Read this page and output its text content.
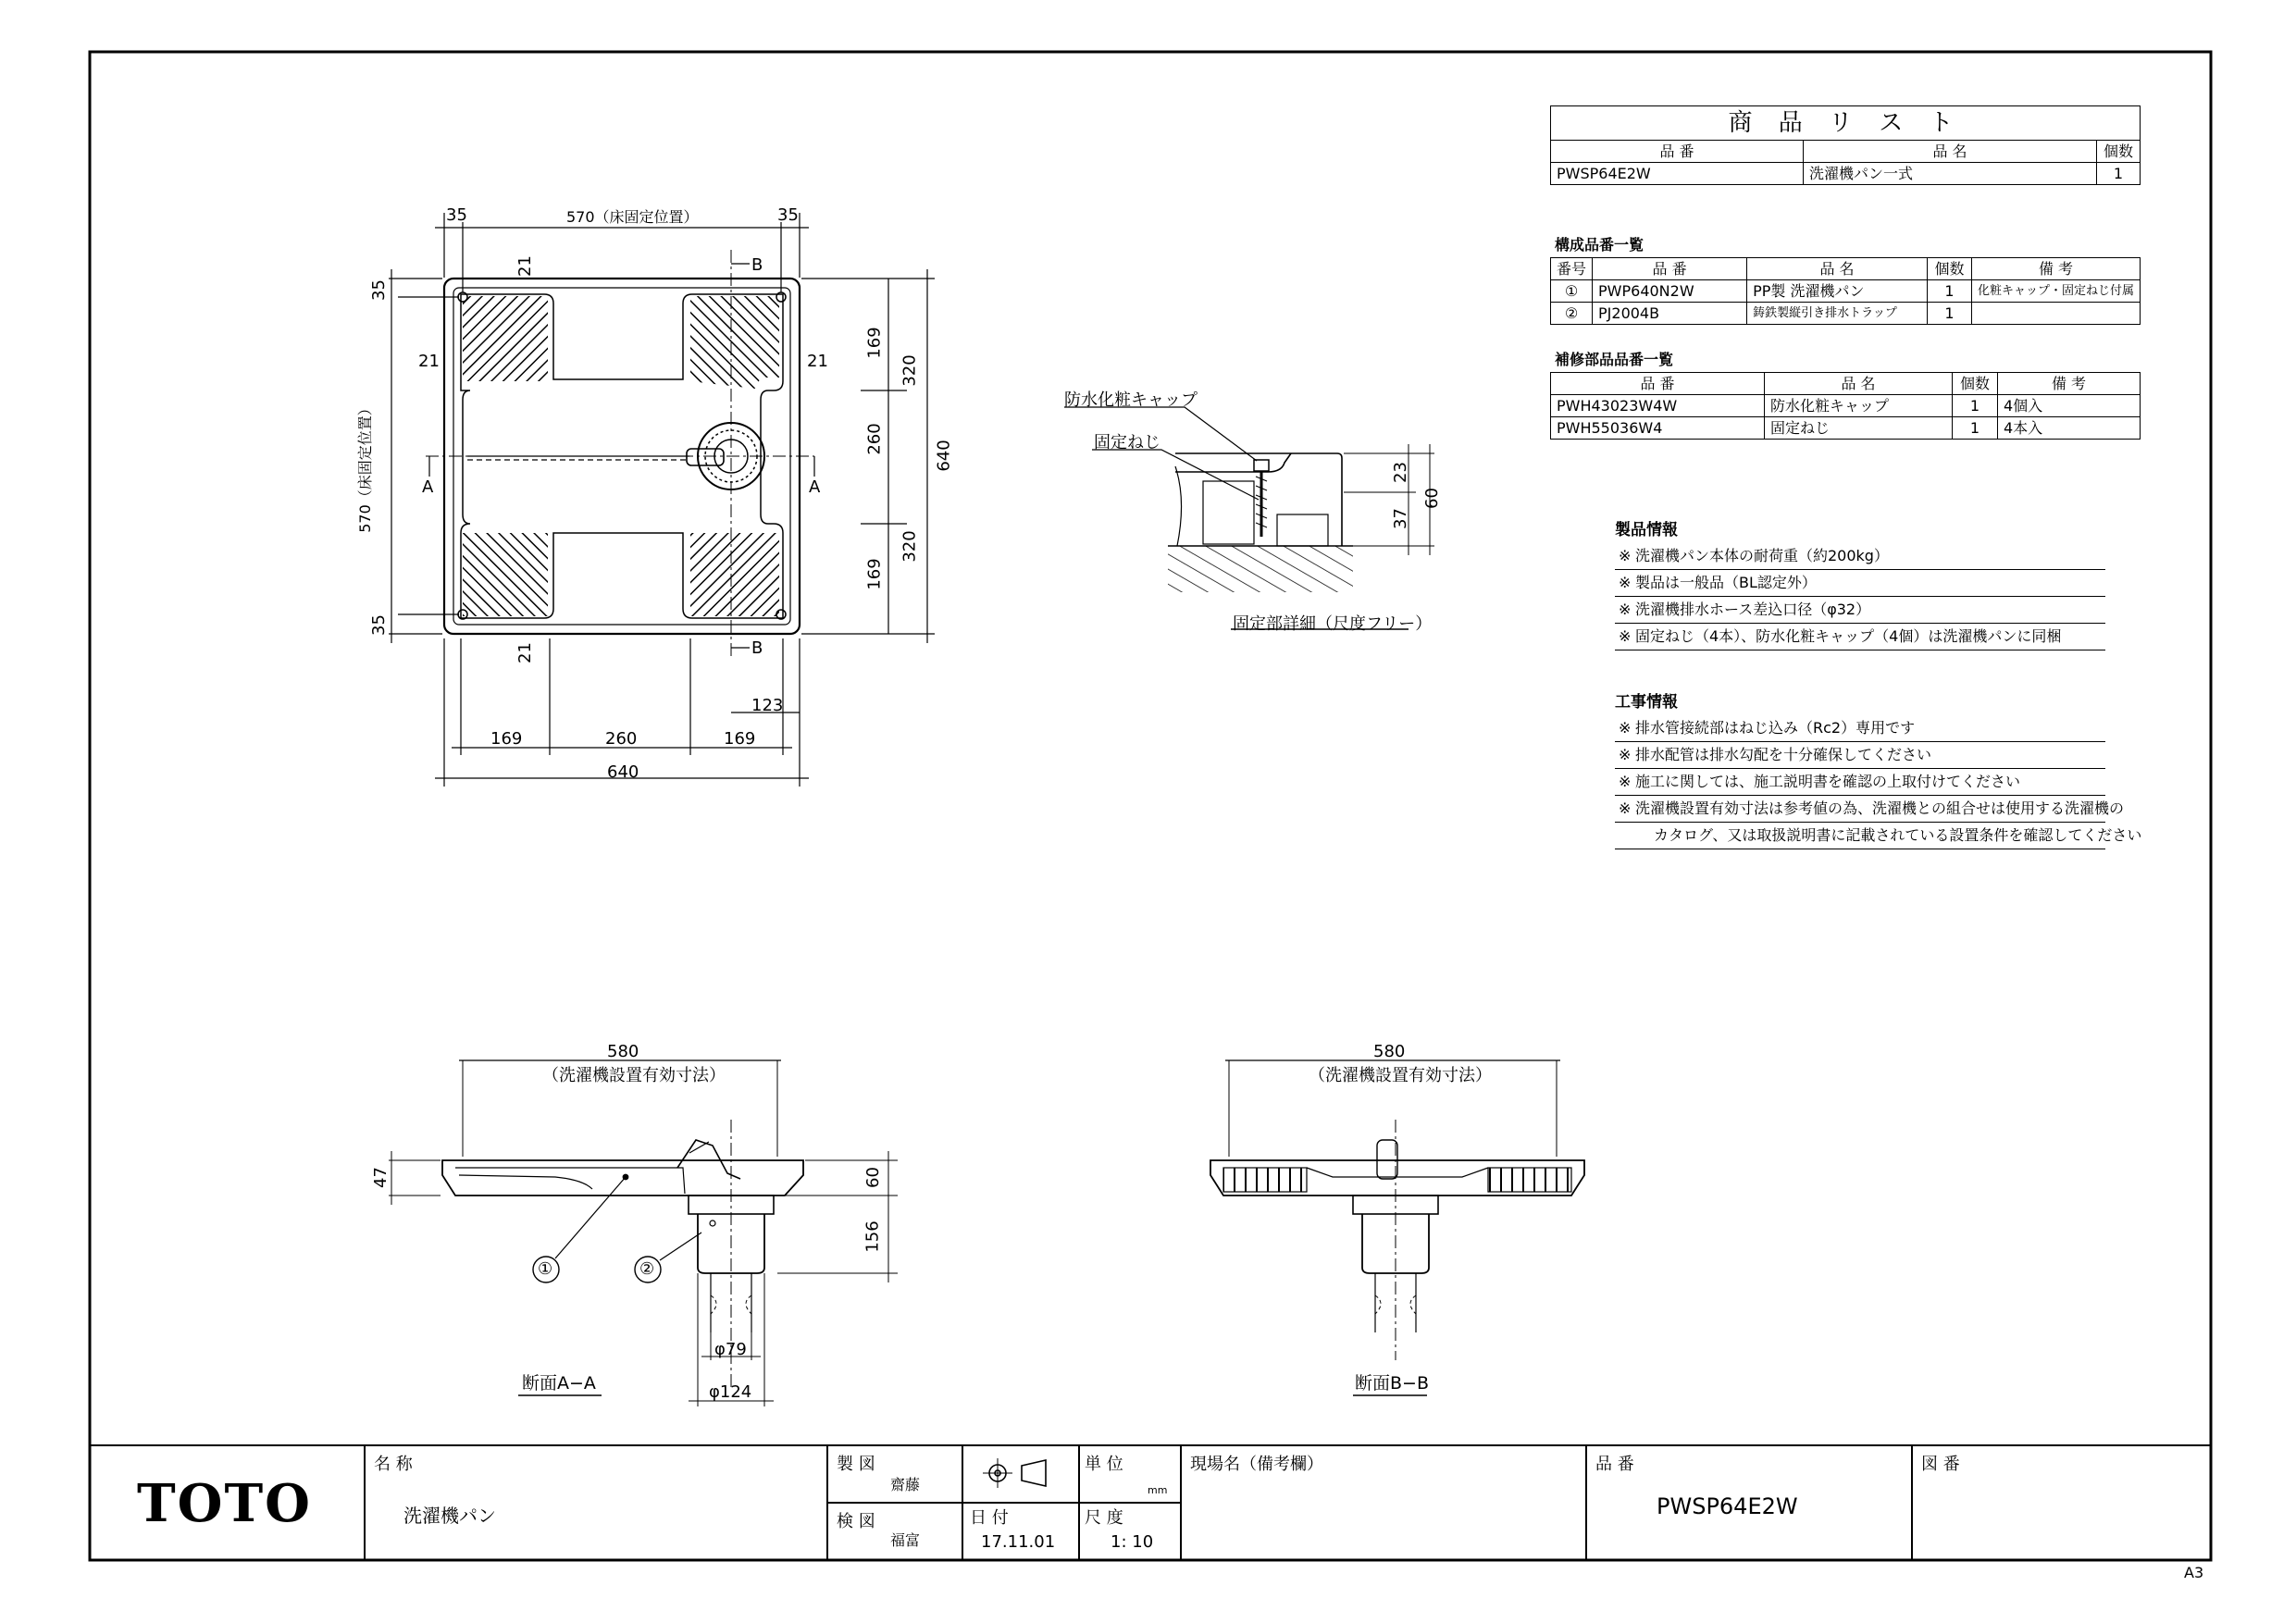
35	570（床固定位置）	35
35
570（床固定位置）
35
21
21	21
21
169
320
260
320
169
640
169	260	169
640
123
A	A
B
B
防水化粧キャップ
固定ねじ
23
37
60
固定部詳細（尺度フリー）
580
（洗濯機設置有効寸法）
47	60
156
φ79
φ124
①	②
断面A−A
580
（洗濯機設置有効寸法）
断面B−B
商 品 リ ス ト		
品 番	品 名	個数
PWSP64E2W	洗濯機パン一式	1
構成品番一覧
番号	品 番	品 名	個数	備 考
①	PWP640N2W	PP製 洗濯機パン	1	化粧キャップ・固定ねじ付属
②	PJ2004B	鋳鉄製縦引き排水トラップ	1	
補修部品品番一覧
品 番	品 名	個数	備 考
PWH43023W4W	防水化粧キャップ	1	4個入
PWH55036W4	固定ねじ	1	4本入
製品情報
※ 洗濯機パン本体の耐荷重（約200kg）
※ 製品は一般品（BL認定外）
※ 洗濯機排水ホース差込口径（φ32）
※ 固定ねじ（4本）、防水化粧キャップ（4個）は洗濯機パンに同梱
工事情報
※ 排水管接続部はねじ込み（Rc2）専用です
※ 排水配管は排水勾配を十分確保してください
※ 施工に関しては、施工説明書を確認の上取付けてください
※ 洗濯機設置有効寸法は参考値の為、洗濯機との組合せは使用する洗濯機の
カタログ、又は取扱説明書に記載されている設置条件を確認してください
TOTO
名 称
洗濯機パン
製 図
齋藤
検 図
福富
単 位
mm
日 付
17.11.01
尺 度
1: 10
現場名（備考欄）	品 番
PWSP64E2W
図 番
A3
